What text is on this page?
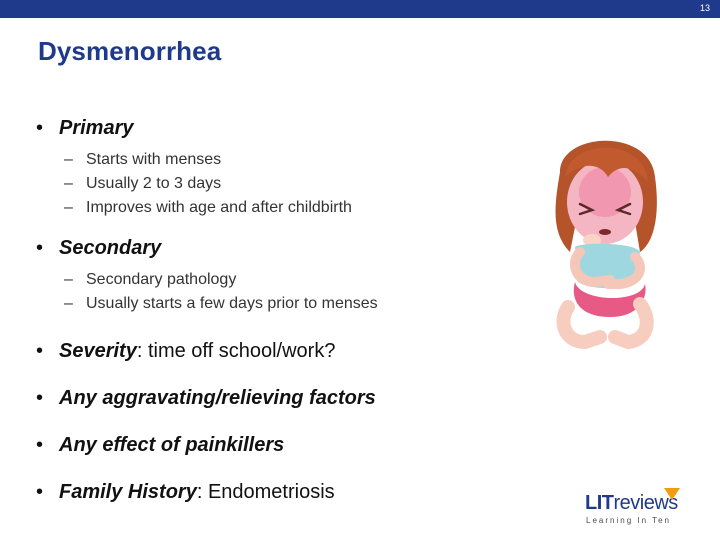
13
Dysmenorrhea
• Primary
– Starts with menses
– Usually 2 to 3 days
– Improves with age and after childbirth
• Secondary
– Secondary pathology
– Usually starts a few days prior to menses
• Severity: time off school/work?
• Any aggravating/relieving factors
• Any effect of painkillers
• Family History: Endometriosis	LITreviews
Learning In Ten
